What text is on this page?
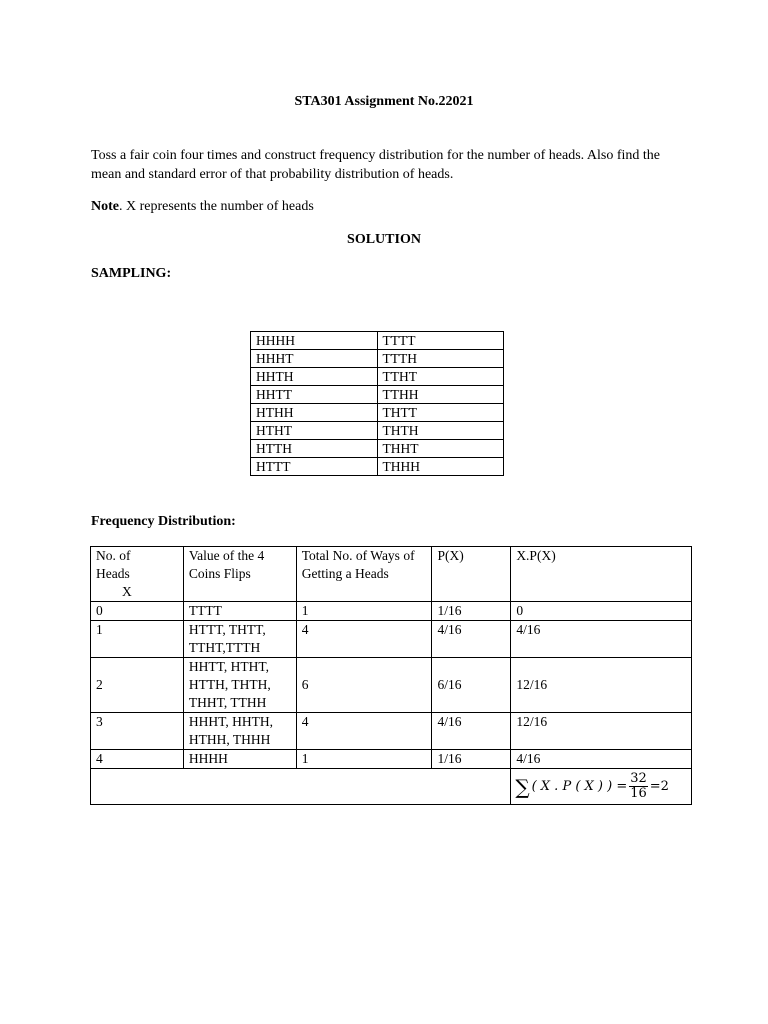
STA301 Assignment No.22021
Toss a fair coin four times and construct frequency distribution for the number of heads. Also find the mean and standard error of that probability distribution of heads.
Note. X represents the number of heads
SOLUTION
SAMPLING:
HHHH	TTTT
HHHT	TTTH
HHTH	TTHT
HHTT	TTHH
HTHH	THTT
HTHT	THTH
HTTH	THHT
HTTT	THHH
Frequency Distribution:
No. of
Heads
X	Value of the 4 Coins Flips	Total No. of Ways of Getting a Heads	P(X)	X.P(X)
0	TTTT	1	1/16	0
1	HTTT, THTT, TTHT,TTTH	4	4/16	4/16
2	HHTT, HTHT, HTTH, THTH, THHT, TTHH	6	6/16	12/16
3	HHHT, HHTH, HTHH, THHH	4	4/16	12/16
4	HHHH	1	1/16	4/16

				∑ ( X . P ( X ) ) = $\frac{32}{16} =2$
